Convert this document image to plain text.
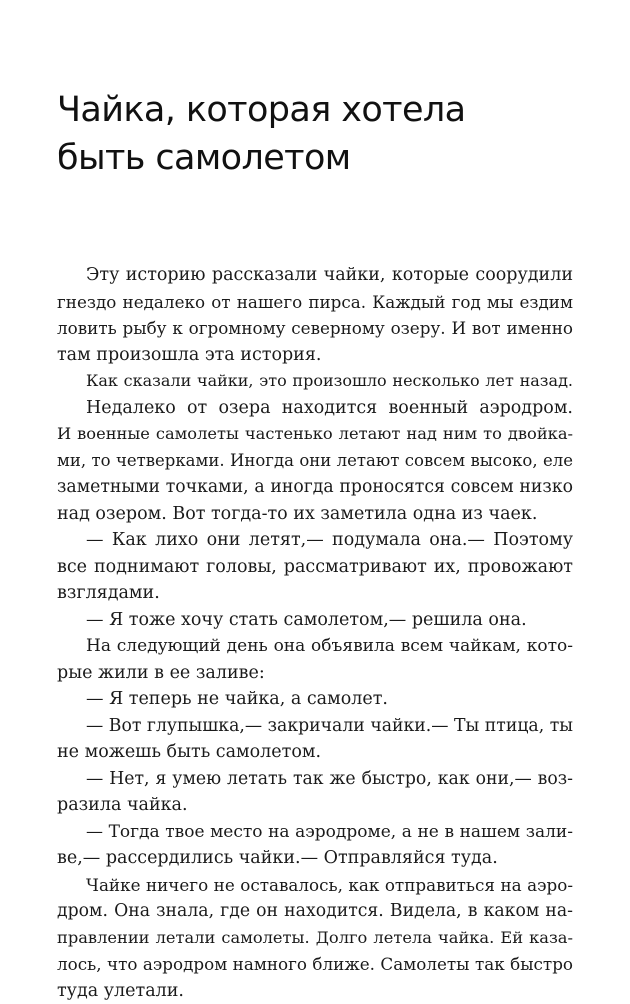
Чайка, которая хотела
быть самолетом
Эту историю рассказали чайки, которые соорудили
гнездо недалеко от нашего пирса. Каждый год мы ездим
ловить рыбу к огромному северному озеру. И вот именно
там произошла эта история.
Как сказали чайки, это произошло несколько лет назад.
Недалеко от озера находится военный аэродром.
И военные самолеты частенько летают над ним то двойка-
ми, то четверками. Иногда они летают совсем высоко, еле
заметными точками, а иногда проносятся совсем низко
над озером. Вот тогда-то их заметила одна из чаек.
— Как лихо они летят,— подумала она.— Поэтому
все поднимают головы, рассматривают их, провожают
взглядами.
— Я тоже хочу стать самолетом,— решила она.
На следующий день она объявила всем чайкам, кото-
рые жили в ее заливе:
— Я теперь не чайка, а самолет.
— Вот глупышка,— закричали чайки.— Ты птица, ты
не можешь быть самолетом.
— Нет, я умею летать так же быстро, как они,— воз-
разила чайка.
— Тогда твое место на аэродроме, а не в нашем зали-
ве,— рассердились чайки.— Отправляйся туда.
Чайке ничего не оставалось, как отправиться на аэро-
дром. Она знала, где он находится. Видела, в каком на-
правлении летали самолеты. Долго летела чайка. Ей каза-
лось, что аэродром намного ближе. Самолеты так быстро
туда улетали.
